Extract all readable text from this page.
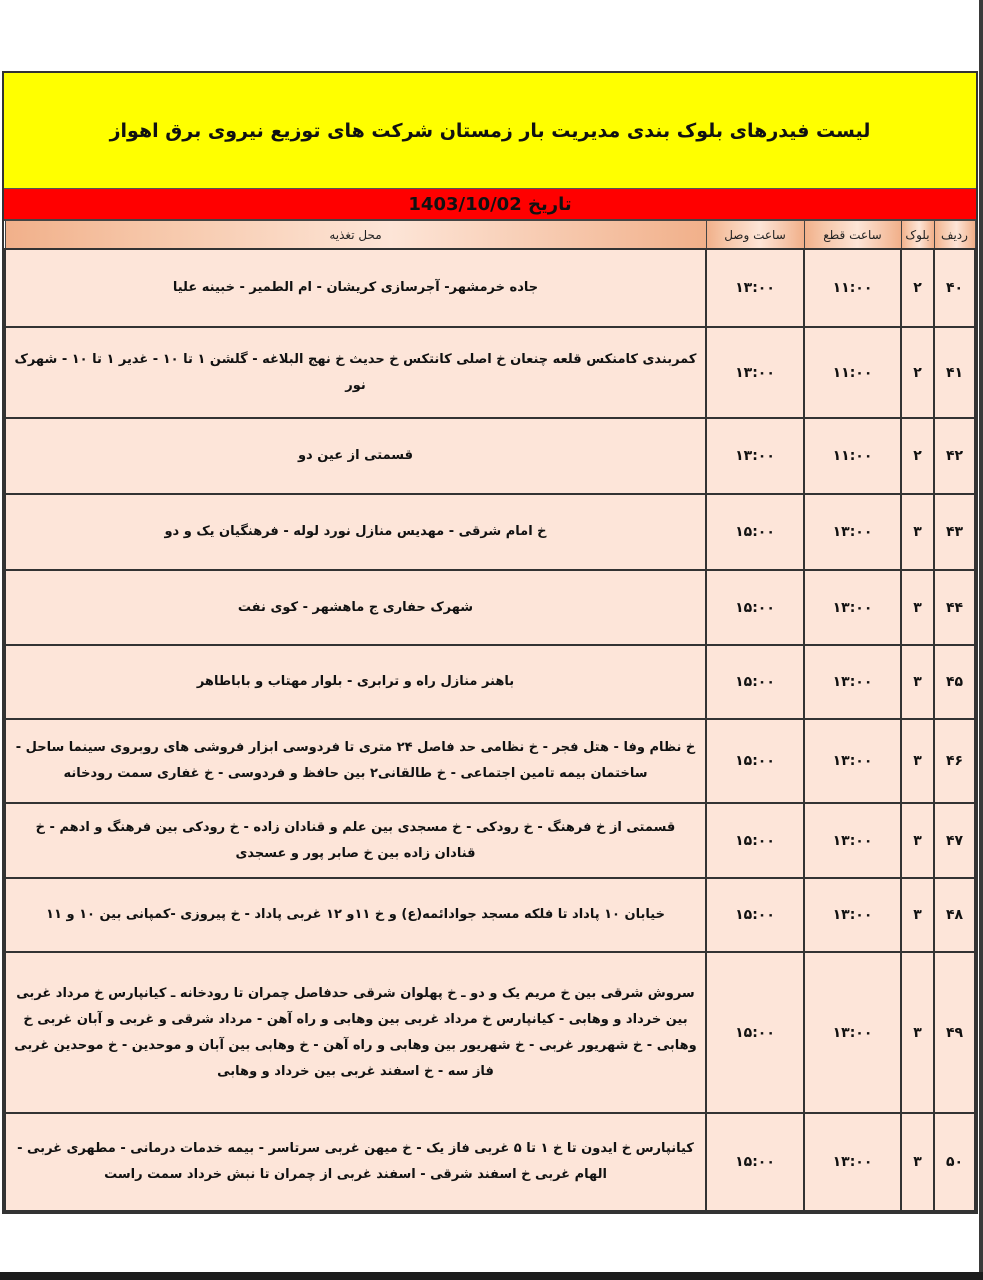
لیست فیدرهای بلوک بندی مدیریت بار زمستان شرکت های توزیع نیروی برق اهواز
تاریخ 1403/10/02
ردیف	بلوک	ساعت قطع	ساعت وصل	محل تغذیه
۴۰	۲	۱۱:۰۰	۱۳:۰۰	جاده خرمشهر- آجرسازی کریشان - ام الطمیر - خبینه علیا
۴۱	۲	۱۱:۰۰	۱۳:۰۰	کمربندی کامنکس قلعه چنعان خ اصلی کانتکس خ حدیث خ نهج البلاغه - گلشن ۱ تا ۱۰ - غدیر ۱ تا ۱۰ - شهرک نور
۴۲	۲	۱۱:۰۰	۱۳:۰۰	قسمتی از عین دو
۴۳	۳	۱۳:۰۰	۱۵:۰۰	خ امام شرقی - مهدیس منازل نورد لوله - فرهنگیان یک و دو
۴۴	۳	۱۳:۰۰	۱۵:۰۰	شهرک حفاری ج ماهشهر - کوی نفت
۴۵	۳	۱۳:۰۰	۱۵:۰۰	باهنر منازل راه و ترابری - بلوار مهتاب و باباطاهر
۴۶	۳	۱۳:۰۰	۱۵:۰۰	خ نظام وفا - هتل فجر - خ نظامی حد فاصل ۲۴ متری تا فردوسی ابزار فروشی های روبروی سینما ساحل - ساختمان بیمه تامین اجتماعی - خ طالقانی۲ بین حافظ و فردوسی - خ غفاری سمت رودخانه
۴۷	۳	۱۳:۰۰	۱۵:۰۰	قسمتی از خ فرهنگ - خ رودکی - خ مسجدی بین علم و قنادان زاده - خ رودکی بین فرهنگ و ادهم - خ قنادان زاده بین خ صابر پور و عسجدی
۴۸	۳	۱۳:۰۰	۱۵:۰۰	خیابان ۱۰ پاداد تا فلکه مسجد جوادائمه(ع) و خ ۱۱و ۱۲ غربی پاداد - خ پیروزی -کمپانی بین ۱۰ و ۱۱
۴۹	۳	۱۳:۰۰	۱۵:۰۰	سروش شرقی بین خ مریم یک و دو ـ خ پهلوان شرقی حدفاصل چمران تا رودخانه ـ کیانپارس خ مرداد غربی بین خرداد و وهابی - کیانپارس خ مرداد غربی بین وهابی و راه آهن - مرداد شرقی و غربی و آبان غربی خ وهابی - خ شهریور غربی - خ شهریور بین وهابی و راه آهن - خ وهابی بین آبان و موحدین - خ موحدین غربی فاز سه - خ اسفند غربی بین خرداد و وهابی
۵۰	۳	۱۳:۰۰	۱۵:۰۰	کیانپارس خ ایدون تا خ ۱ تا ۵ غربی فاز یک - خ میهن غربی سرتاسر - بیمه خدمات درمانی - مطهری غربی - الهام غربی خ اسفند شرقی - اسفند غربی از چمران تا نبش خرداد سمت راست
